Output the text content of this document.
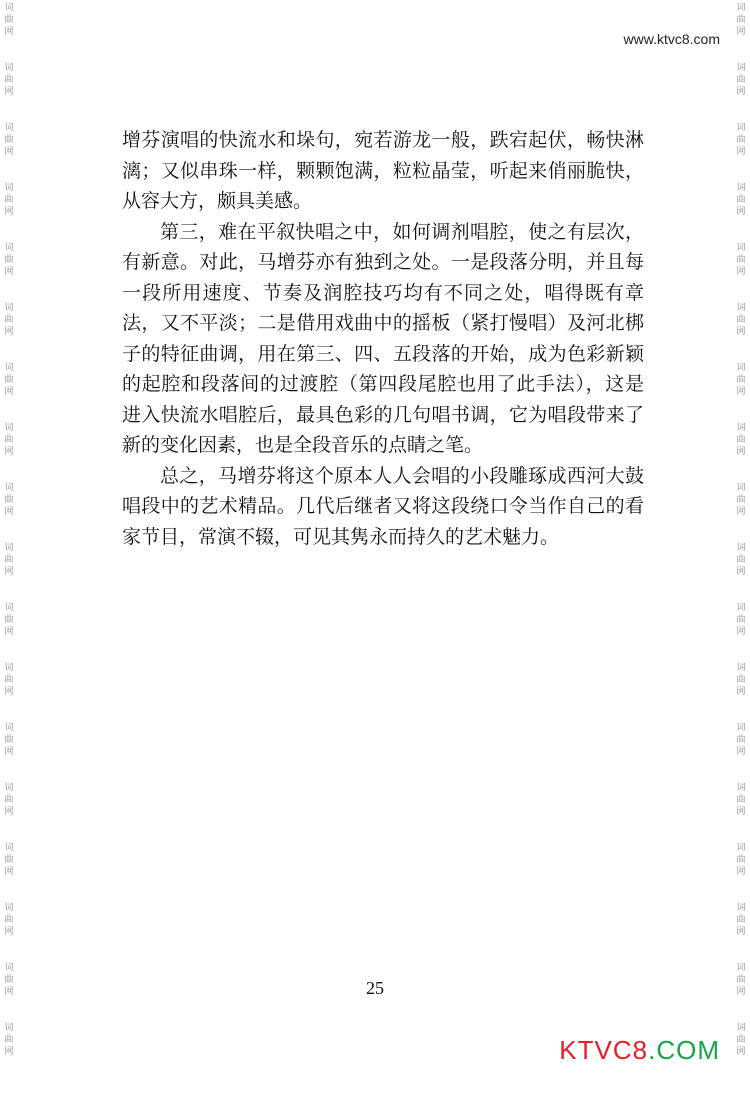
词
曲
网
词
曲
网
词
曲
网
词
曲
网
词
曲
网
词
曲
网
词
曲
网
词
曲
网
词
曲
网
词
曲
网
词
曲
网
词
曲
网
词
曲
网
词
曲
网
词
曲
网
词
曲
网
词
曲
网
词
曲
网
词
曲
网
词
曲
网
词
曲
网
词
曲
网
词
曲
网
词
曲
网
词
曲
网
词
曲
网
词
曲
网
词
曲
网
词
曲
网
词
曲
网
词
曲
网
词
曲
网
词
曲
网
词
曲
网
词
曲
网
词
曲
网
www.ktvc8.com

增芬演唱的快流水和垛句，宛若游龙一般，跌宕起伏，畅快淋漓；又似串珠一样，颗颗饱满，粒粒晶莹，听起来俏丽脆快，从容大方，颇具美感。

第三，难在平叙快唱之中，如何调剂唱腔，使之有层次，有新意。对此，马增芬亦有独到之处。一是段落分明，并且每一段所用速度、节奏及润腔技巧均有不同之处，唱得既有章法，又不平淡；二是借用戏曲中的摇板（紧打慢唱）及河北梆子的特征曲调，用在第三、四、五段落的开始，成为色彩新颖的起腔和段落间的过渡腔（第四段尾腔也用了此手法），这是进入快流水唱腔后，最具色彩的几句唱书调，它为唱段带来了新的变化因素，也是全段音乐的点睛之笔。

总之，马增芬将这个原本人人会唱的小段雕琢成西河大鼓唱段中的艺术精品。几代后继者又将这段绕口令当作自己的看家节目，常演不辍，可见其隽永而持久的艺术魅力。

25
KTVC8.COM
